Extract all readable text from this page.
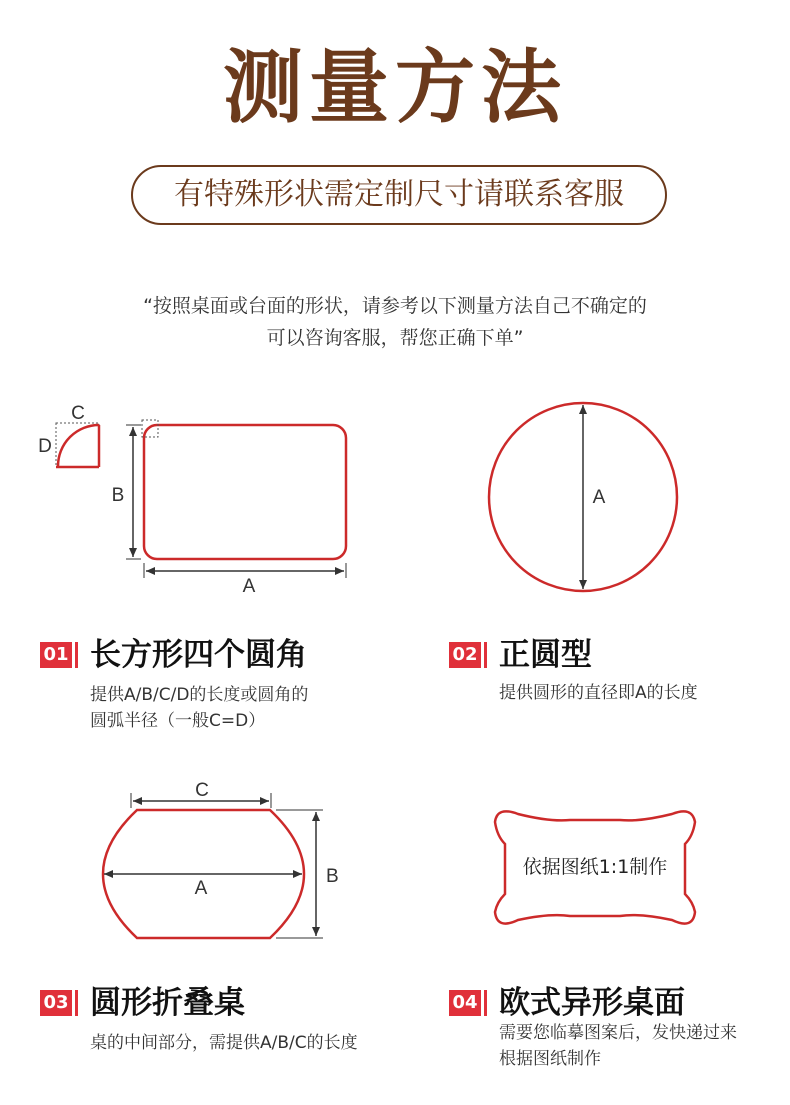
测量方法
有特殊形状需定制尺寸请联系客服
“按照桌面或台面的形状，请参考以下测量方法自己不确定的
可以咨询客服，帮您正确下单”
A
B
C
D
A
C
A
B	依据图纸1:1制作
01 长方形四个圆角
提供A/B/C/D的长度或圆角的
圆弧半径（一般C=D）
02 正圆型
提供圆形的直径即A的长度
03 圆形折叠桌
桌的中间部分，需提供A/B/C的长度
04 欧式异形桌面
需要您临摹图案后，发快递过来
根据图纸制作
